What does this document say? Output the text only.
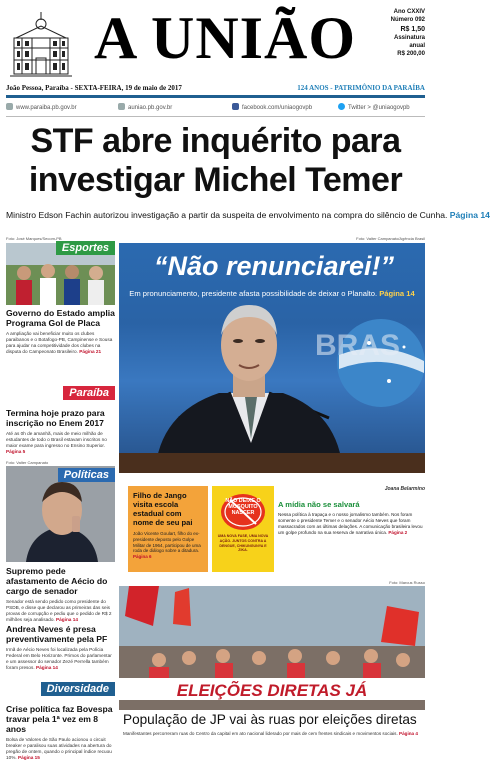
A UNIÃO	Ano CXXIV
Número 092
R$ 1,50
Assinatura
anual
R$ 200,00
João Pessoa, Paraíba - SEXTA-FEIRA, 19 de maio de 2017	124 ANOS - PATRIMÔNIO DA PARAÍBA
www.paraiba.pb.gov.br	auniao.pb.gov.br	facebook.com/uniaogovpb	Twitter > @uniaogovpb
STF abre inquérito para
investigar Michel Temer
Ministro Edson Fachin autorizou investigação a partir da suspeita de envolvimento na compra do silêncio de Cunha. Página 14
Foto: José Marques/Secom-PB	Foto: Valter Campanato/Agência Brasil
BRAS
“Não renunciarei!”
Em pronunciamento, presidente afasta possibilidade de deixar o Planalto. Página 14
Esportes
Governo do Estado amplia Programa Gol de Placa
A ampliação vai beneficiar muito os clubes paraibanos e o Botafogo-PB, Campinense e Sousa para ajudar na competitividade dos clubes na disputa do Campeonato Brasileiro. Página 21
Paraíba
Termina hoje prazo para inscrição no Enem 2017
Até as 0h de amanhã, mais de meio milhão de estudantes de todo o Brasil estavam inscritos no maior exame para ingresso no Ensino Superior. Página 5
Foto: Valter Campanato
Políticas
Supremo pede afastamento de Aécio do cargo de senador
Senador está sendo pedido como presidente do PSDB, e disse que declarou as primeiras das seis provas de corrupção e pediu que o pedido de R$ 2 milhões seja analisado. Página 14
Andrea Neves é presa preventivamente pela PF
Irmã de Aécio Neves foi localizada pela Polícia Federal em Belo Horizonte. Primos do parlamentar e um assessor do senador Zezé Perrella também foram presos. Página 14
Diversidade
Crise política faz Bovespa travar pela 1ª vez em 8 anos
Bolsa de Valores de São Paulo acionou o circuit breaker e paralisou suas atividades na abertura do pregão de ontem, quando o principal índice recuou 10%. Página 15
Filho de Jango visita escola estadual com nome de seu pai
João Vicente Goulart, filho do ex-presidente deposto pelo Golpe Militar de 1964, participou de uma roda de diálogo sobre a ditadura. Página 6
NÃO DEIXE O MOSQUITO NASCER
UMA NOVA FASE, UMA NOVA AÇÃO. JUNTOS CONTRA A DENGUE, CHIKUNGUNYA E ZIKA.
Joana Belarmino
A mídia não se salvará
Nessa política à trapaça e o nosso jornalismo também. Nos foram somente o presidente Temer e o senador Aécio Neves que foram massacrados com as últimas delações. A comunicação brasileira levou um golpe profundo na sua reserva de narrativa única. Página 2
Foto: Marcus Russo
ELEIÇÕES DIRETAS JÁ
População de JP vai às ruas por eleições diretas
Manifestantes percorreram ruas do Centro da capital em ato nacional liderado por mais de cem frentes sindicais e movimentos sociais. Página 4
